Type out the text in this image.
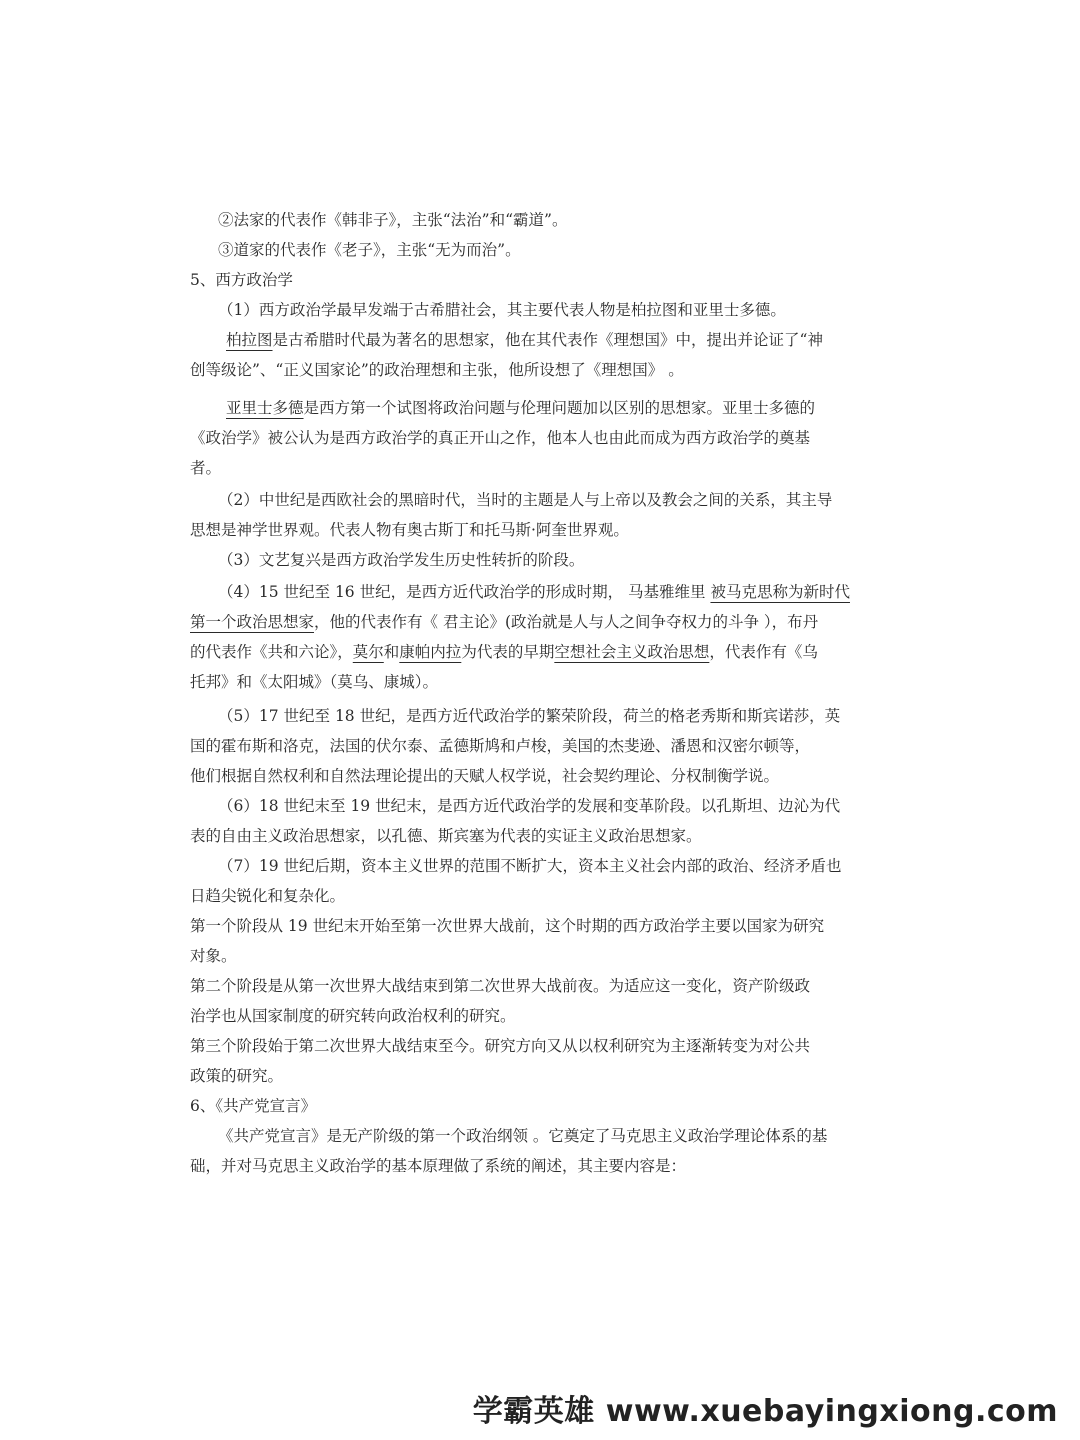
②法家的代表作《韩非子》，主张“法治”和“霸道”。
③道家的代表作《老子》，主张“无为而治”。
5、西方政治学
（1）西方政治学最早发端于古希腊社会，其主要代表人物是柏拉图和亚里士多德。
柏拉图是古希腊时代最为著名的思想家，他在其代表作《理想国》中，提出并论证了“神
创等级论”、“正义国家论”的政治理想和主张，他所设想了《理想国》 。
亚里士多德是西方第一个试图将政治问题与伦理问题加以区别的思想家。亚里士多德的
《政治学》被公认为是西方政治学的真正开山之作，他本人也由此而成为西方政治学的奠基
者。
（2）中世纪是西欧社会的黑暗时代，当时的主题是人与上帝以及教会之间的关系，其主导
思想是神学世界观。代表人物有奥古斯丁和托马斯·阿奎世界观。
（3）文艺复兴是西方政治学发生历史性转折的阶段。
（4）15 世纪至 16 世纪，是西方近代政治学的形成时期， 马基雅维里 被马克思称为新时代
第一个政治思想家，他的代表作有《 君主论》(政治就是人与人之间争夺权力的斗争 ），布丹
的代表作《共和六论》，莫尔和康帕内拉为代表的早期空想社会主义政治思想，代表作有《乌
托邦》和《太阳城》（莫乌、康城）。
（5）17 世纪至 18 世纪，是西方近代政治学的繁荣阶段，荷兰的格老秀斯和斯宾诺莎，英
国的霍布斯和洛克，法国的伏尔泰、孟德斯鸠和卢梭，美国的杰斐逊、潘恩和汉密尔顿等，
他们根据自然权利和自然法理论提出的天赋人权学说，社会契约理论、分权制衡学说。
（6）18 世纪末至 19 世纪末，是西方近代政治学的发展和变革阶段。以孔斯坦、边沁为代
表的自由主义政治思想家，以孔德、斯宾塞为代表的实证主义政治思想家。
（7）19 世纪后期，资本主义世界的范围不断扩大，资本主义社会内部的政治、经济矛盾也
日趋尖锐化和复杂化。
第一个阶段从 19 世纪末开始至第一次世界大战前，这个时期的西方政治学主要以国家为研究
对象。
第二个阶段是从第一次世界大战结束到第二次世界大战前夜。为适应这一变化，资产阶级政
治学也从国家制度的研究转向政治权利的研究。
第三个阶段始于第二次世界大战结束至今。研究方向又从以权利研究为主逐渐转变为对公共
政策的研究。
6、《共产党宣言》
《共产党宣言》是无产阶级的第一个政治纲领 。它奠定了马克思主义政治学理论体系的基
础，并对马克思主义政治学的基本原理做了系统的阐述，其主要内容是：
学霸英雄 www.xuebayingxiong.com
